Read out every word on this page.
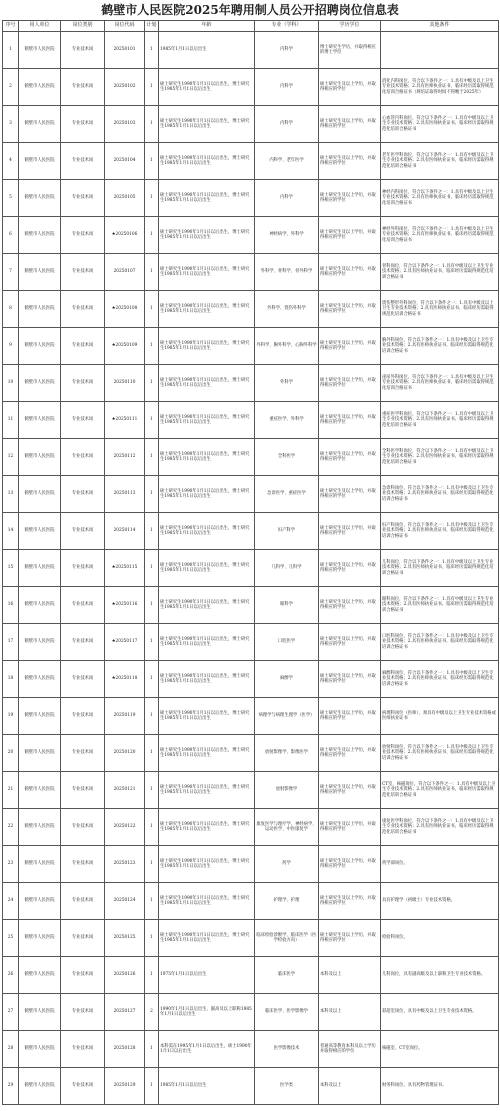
鹤壁市人民医院2025年聘用制人员公开招聘岗位信息表
序号	用人单位	岗位类别	岗位代码	计划	年龄	专业（学科）	学历学位	其他条件
1	鹤壁市人民医院	专业技术岗	20250101	1	1985年1月1日以后出生	内科学	博士研究生学历，并取得相应的博士学位	
2	鹤壁市人民医院	专业技术岗	20250102	1	硕士研究生1990年1月1日以后出生，博士研究生1985年1月1日以后出生	内科学	硕士研究生及以上学历，并取得相应的学位	消化内科岗位，符合以下条件之一：1.具有中级及以上卫生专业技术资格；2.具有医师执业证书，临床经历需取得规范化培训合格证书（规培证取得时间不得晚于2025年）
3	鹤壁市人民医院	专业技术岗	20250103	1	硕士研究生1990年1月1日以后出生，博士研究生1985年1月1日以后出生	内科学	硕士研究生及以上学历，并取得相应的学位	心血管内科岗位，符合以下条件之一：1.具有中级及以上卫生专业技术资格；2.具有医师执业证书，临床经历需取得规范化培训合格证书
4	鹤壁市人民医院	专业技术岗	20250104	1	硕士研究生1990年1月1日以后出生，博士研究生1985年1月1日以后出生	内科学、老年医学	硕士研究生及以上学历，并取得相应的学位	老年医学科岗位，符合以下条件之一：1.具有中级及以上卫生专业技术资格；2.具有医师执业证书，临床经历需取得规范化培训合格证书
5	鹤壁市人民医院	专业技术岗	20250105	1	硕士研究生1990年1月1日以后出生，博士研究生1985年1月1日以后出生	内科学	硕士研究生及以上学历，并取得相应的学位	神经内科岗位，符合以下条件之一：1.具有中级及以上卫生专业技术资格；2.具有医师执业证书，临床经历需取得规范化培训合格证书
6	鹤壁市人民医院	专业技术岗	★20250106	1	硕士研究生1990年1月1日以后出生，博士研究生1985年1月1日以后出生	神经病学、外科学	硕士研究生及以上学历，并取得相应的学位	神经外科岗位，符合以下条件之一：1.具有中级及以上卫生专业技术资格；2.具有医师执业证书，临床经历需取得规范化培训合格证书
7	鹤壁市人民医院	专业技术岗	20250107	1	硕士研究生1990年1月1日以后出生，博士研究生1985年1月1日以后出生	外科学、骨科学、骨外科学	硕士研究生及以上学历，并取得相应的学位	骨科岗位，符合以下条件之一：1.具有中级及以上卫生专业技术资格；2.具有医师执业证书，临床经历需取得规范化培训合格证书
8	鹤壁市人民医院	专业技术岗	★20250108	1	硕士研究生1990年1月1日以后出生，博士研究生1985年1月1日以后出生	外科学、烧伤外科学	硕士研究生及以上学历，并取得相应的学位	烧伤整形外科岗位，符合以下条件之一：1.具有中级及以上卫生专业技术资格；2.具有医师执业证书，临床经历需取得规范化培训合格证书
9	鹤壁市人民医院	专业技术岗	★20250109	1	硕士研究生1990年1月1日以后出生，博士研究生1985年1月1日以后出生	外科学、胸外科学、心胸外科学	硕士研究生及以上学历，并取得相应的学位	胸外科岗位，符合以下条件之一：1.具有中级及以上卫生专业技术资格；2.具有医师执业证书，临床经历需取得规范化培训合格证书
10	鹤壁市人民医院	专业技术岗	20250110	1	硕士研究生1990年1月1日以后出生，博士研究生1985年1月1日以后出生	外科学	硕士研究生及以上学历，并取得相应的学位	泌尿外科岗位，符合以下条件之一：1.具有中级及以上卫生专业技术资格；2.具有医师执业证书，临床经历需取得规范化培训合格证书
11	鹤壁市人民医院	专业技术岗	★20250111	1	硕士研究生1990年1月1日以后出生，博士研究生1985年1月1日以后出生	重症医学、外科学	硕士研究生及以上学历，并取得相应的学位	重症医学科岗位，符合以下条件之一：1.具有中级及以上卫生专业技术资格；2.具有医师执业证书，临床经历需取得规范化培训合格证书
12	鹤壁市人民医院	专业技术岗	20250112	1	硕士研究生1990年1月1日以后出生，博士研究生1985年1月1日以后出生	全科医学	硕士研究生及以上学历，并取得相应的学位	全科医学科岗位，符合以下条件之一：1.具有中级及以上卫生专业技术资格；2.具有医师执业证书，临床经历需取得规范化培训合格证书
13	鹤壁市人民医院	专业技术岗	20250113	1	硕士研究生1990年1月1日以后出生，博士研究生1985年1月1日以后出生	急诊医学、重症医学	硕士研究生及以上学历，并取得相应的学位	急诊科岗位，符合以下条件之一：1.具有中级及以上卫生专业技术资格；2.具有医师执业证书，临床经历需取得规范化培训合格证书
14	鹤壁市人民医院	专业技术岗	20250114	1	硕士研究生1990年1月1日以后出生，博士研究生1985年1月1日以后出生	妇产科学	硕士研究生及以上学历，并取得相应的学位	妇产科岗位，符合以下条件之一：1.具有中级及以上卫生专业技术资格；2.具有医师执业证书，临床经历需取得规范化培训合格证书
15	鹤壁市人民医院	专业技术岗	★20250115	1	硕士研究生1990年1月1日以后出生，博士研究生1985年1月1日以后出生	儿科学、儿科学	硕士研究生及以上学历，并取得相应的学位	儿科岗位，符合以下条件之一：1.具有中级及以上卫生专业技术资格；2.具有医师执业证书，临床经历需取得规范化培训合格证书
16	鹤壁市人民医院	专业技术岗	★20250116	1	硕士研究生1990年1月1日以后出生，博士研究生1985年1月1日以后出生	眼科学	硕士研究生及以上学历，并取得相应的学位	眼科岗位，符合以下条件之一：1.具有中级及以上卫生专业技术资格；2.具有医师执业证书，临床经历需取得规范化培训合格证书
17	鹤壁市人民医院	专业技术岗	★20250117	1	硕士研究生1990年1月1日以后出生，博士研究生1985年1月1日以后出生	口腔医学	硕士研究生及以上学历，并取得相应的学位	口腔科岗位，符合以下条件之一：1.具有中级及以上卫生专业技术资格；2.具有医师执业证书，临床经历需取得规范化培训合格证书
18	鹤壁市人民医院	专业技术岗	★20250118	1	硕士研究生1990年1月1日以后出生，博士研究生1985年1月1日以后出生	麻醉学	硕士研究生及以上学历，并取得相应的学位	麻醉科岗位，符合以下条件之一：1.具有中级及以上卫生专业技术资格；2.具有医师执业证书，临床经历需取得规范化培训合格证书
19	鹤壁市人民医院	专业技术岗	20250119	1	硕士研究生1990年1月1日以后出生，博士研究生1985年1月1日以后出生	病理学与病理生理学（医学）	硕士研究生及以上学历，并取得相应的学位	病理科岗位（医师），须具有中级及以上卫生专业技术资格或医师执业证书
20	鹤壁市人民医院	专业技术岗	20250120	1	硕士研究生1990年1月1日以后出生，博士研究生1985年1月1日以后出生	放射影像学、影像医学	硕士研究生及以上学历，并取得相应的学位	放射科岗位，符合以下条件之一：1.具有中级及以上卫生专业技术资格；2.具有医师执业证书，临床经历需取得规范化培训合格证书
21	鹤壁市人民医院	专业技术岗	20250121	1	硕士研究生1990年1月1日以后出生，博士研究生1985年1月1日以后出生	放射影像学	硕士研究生及以上学历，并取得相应的学位	CT室、核磁岗位，符合以下条件之一：1.具有中级及以上卫生专业技术资格；2.具有医师执业证书，临床经历需取得规范化培训合格证书
22	鹤壁市人民医院	专业技术岗	20250122	1	硕士研究生1990年1月1日以后出生，博士研究生1985年1月1日以后出生	康复医学与理疗学、神经病学、运动医学、中医康复学	硕士研究生及以上学历，并取得相应的学位	康复医学科岗位，符合以下条件之一：1.具有中级及以上卫生专业技术资格；2.具有医师执业证书，临床经历需取得规范化培训合格证书
23	鹤壁市人民医院	专业技术岗	20250123	1	硕士研究生1990年1月1日以后出生，博士研究生1985年1月1日以后出生	药学	硕士研究生及以上学历，并取得相应的学位	药学部岗位。
24	鹤壁市人民医院	专业技术岗	20250124	1	硕士研究生1990年1月1日以后出生，博士研究生1985年1月1日以后出生	护理学、护理	硕士研究生及以上学历，并取得相应的学位	具有护理学（初级士）专业技术资格。
25	鹤壁市人民医院	专业技术岗	20250125	1	硕士研究生1990年1月1日以后出生，博士研究生1985年1月1日以后出生	临床检验诊断学、临床医学（医学检验方向）	硕士研究生及以上学历，并取得相应的学位	检验科岗位。
26	鹤壁市人民医院	专业技术岗	20250126	1	1975年1月1日以后出生	临床医学	本科及以上	儿科岗位，具有副高级及以上职称卫生专业技术资格。
27	鹤壁市人民医院	专业技术岗	20250127	2	1990年1月1日以后出生，副高及以上职称1985年1月1日以后出生	临床医学、医学影像学	本科及以上	彩超室岗位，具有中级及以上卫生专业技术资格。
28	鹤壁市人民医院	专业技术岗	20250128	1	本科需在1995年1月1日以后出生，硕士1990年1月1日以后出生	医学影像技术	普通高等教育本科及以上学历并取得相应的学位	核磁室、CT室岗位。
29	鹤壁市人民医院	专业技术岗	20250129	1	1985年1月1日以后出生	医学类	本科及以上	财务科岗位，具有药物管理证书。
